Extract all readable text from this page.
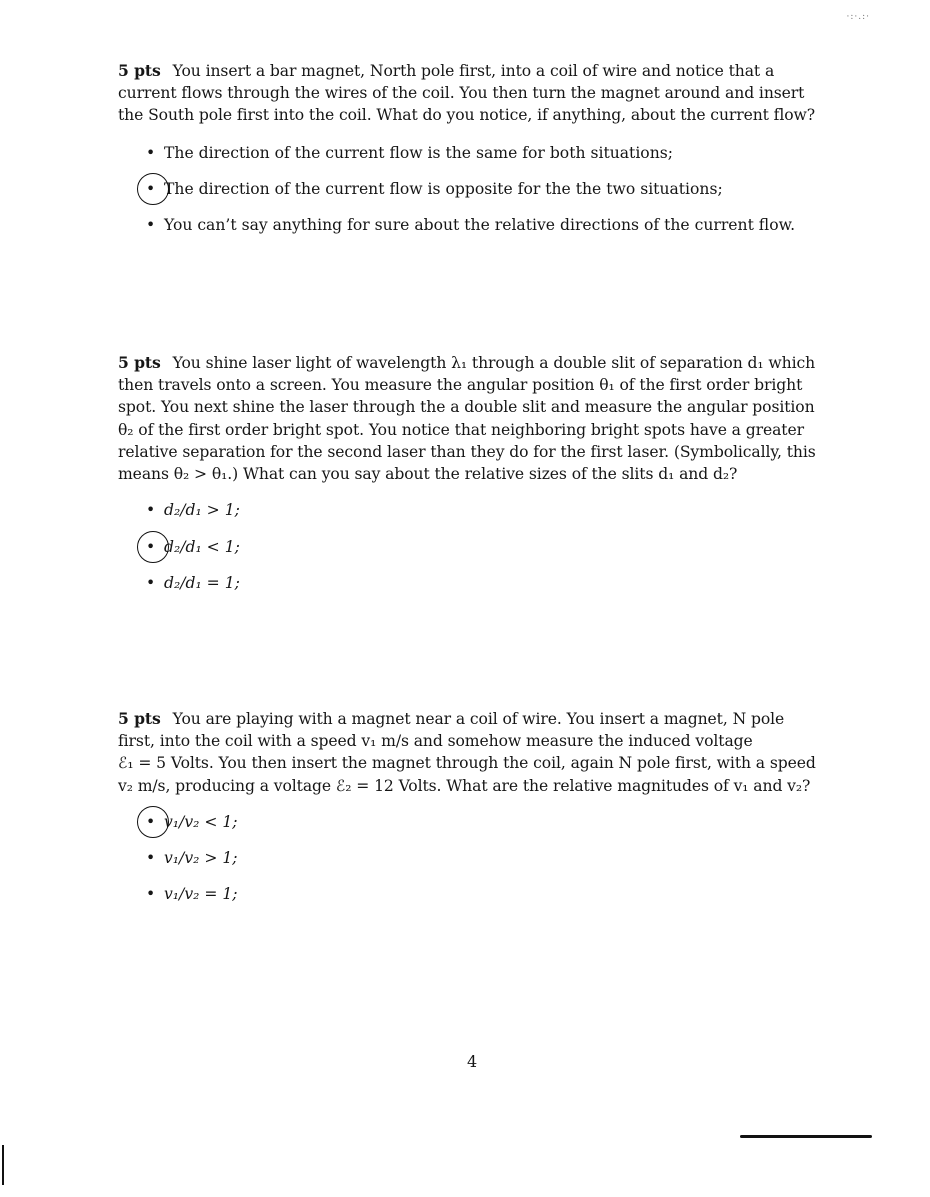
·:·.:·

5 pts You insert a bar magnet, North pole first, into a coil of wire and notice that a
current flows through the wires of the coil. You then turn the magnet around and insert
the South pole first into the coil. What do you notice, if anything, about the current flow?

• The direction of the current flow is the same for both situations;
• The direction of the current flow is opposite for the the two situations;
• You can’t say anything for sure about the relative directions of the current flow.

5 pts You shine laser light of wavelength λ₁ through a double slit of separation d₁ which
then travels onto a screen. You measure the angular position θ₁ of the first order bright
spot. You next shine the laser through the a double slit and measure the angular position
θ₂ of the first order bright spot. You notice that neighboring bright spots have a greater
relative separation for the second laser than they do for the first laser. (Symbolically, this
means θ₂ > θ₁.) What can you say about the relative sizes of the slits d₁ and d₂?

• d₂/d₁ > 1;
• d₂/d₁ < 1;
• d₂/d₁ = 1;

5 pts You are playing with a magnet near a coil of wire. You insert a magnet, N pole
first, into the coil with a speed v₁ m/s and somehow measure the induced voltage
ℰ₁ = 5 Volts. You then insert the magnet through the coil, again N pole first, with a speed
v₂ m/s, producing a voltage ℰ₂ = 12 Volts. What are the relative magnitudes of v₁ and v₂?

• v₁/v₂ < 1;
• v₁/v₂ > 1;
• v₁/v₂ = 1;
4
